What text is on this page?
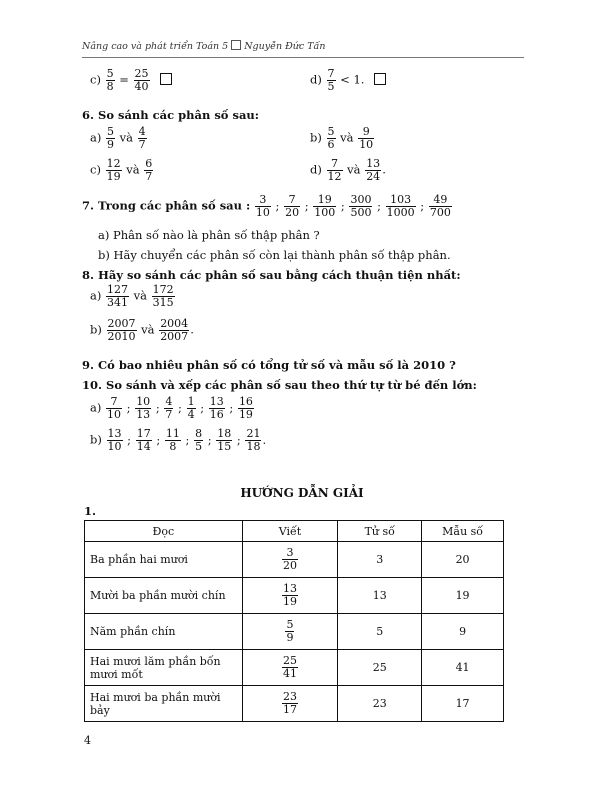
Nâng cao và phát triển Toán 5 Nguyễn Đức Tấn
$c) \frac{5}{8} = \frac{25}{40}$
	$d) \frac{7}{5} < 1$.
6. So sánh các phân số sau:
$a) \frac{5}{9}$ và $\frac{4}{7}$	$b) \frac{5}{6}$ và $\frac{9}{10}$
$c) \frac{12}{19}$ và $\frac{6}{7}$	$d) \frac{7}{12}$ và $\frac{13}{24}$ .
7. Trong các phân số sau : $\frac{3}{10}$ ; $\frac{7}{20}$ ; $\frac{19}{100}$ ; $\frac{300}{500}$ ; $\frac{103}{1000}$ ; $\frac{49}{700}$
a) Phân số nào là phân số thập phân ?
b) Hãy chuyển các phân số còn lại thành phân số thập phân.
8. Hãy so sánh các phân số sau bằng cách thuận tiện nhất:
$a) \frac{127}{341}$ và $\frac{172}{315}$
$b) \frac{2007}{2010}$ và $\frac{2004}{2007}$ .
9. Có bao nhiêu phân số có tổng tử số và mẫu số là 2010 ?
10. So sánh và xếp các phân số sau theo thứ tự từ bé đến lớn:
$a) \frac{7}{10}$ ; $\frac{10}{13}$ ; $\frac{4}{7}$ ; $\frac{1}{4}$ ; $\frac{13}{16}$ ; $\frac{16}{19}$
$b) \frac{13}{10}$ ; $\frac{17}{14}$ ; $\frac{11}{8}$ ; $\frac{8}{5}$ ; $\frac{18}{15}$ ; $\frac{21}{18}$ .
HƯỚNG DẪN GIẢI
1.
Đọc	Viết	Tử số	Mẫu số
Ba phần hai mươi	$\frac{3}{20}$	3	20
Mười ba phần mười chín	$\frac{13}{19}$	13	19
Năm phần chín	$\frac{5}{9}$	5	9
Hai mươi lăm phần bốn mươi mốt	$\frac{25}{41}$	25	41
Hai mươi ba phần mười bảy	$\frac{23}{17}$	23	17
4
